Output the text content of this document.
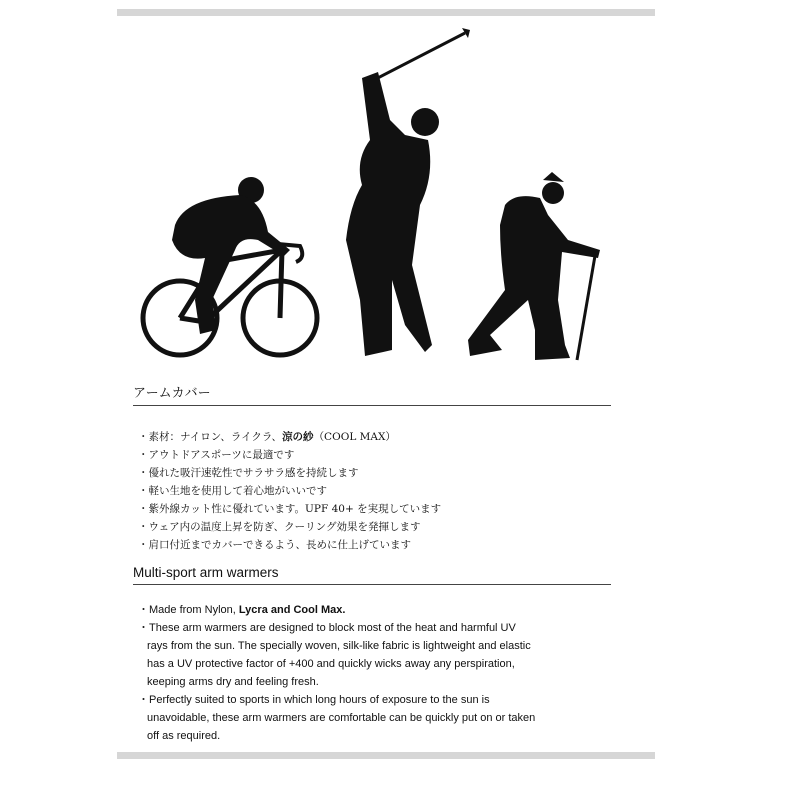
アームカバー
・素材：ナイロン、ライクラ、涼の紗（COOL MAX）
・アウトドアスポーツに最適です
・優れた吸汗速乾性でサラサラ感を持続します
・軽い生地を使用して着心地がいいです
・紫外線カット性に優れています。UPF 40+ を実現しています
・ウェア内の温度上昇を防ぎ、クーリング効果を発揮します
・肩口付近までカバーできるよう、長めに仕上げています
Multi-sport arm warmers
・Made from Nylon, Lycra and Cool Max.
・These arm warmers are designed to block most of the heat and harmful UV
rays from the sun. The specially woven, silk-like fabric is lightweight and elastic has a UV protective factor of +400 and quickly wicks away any perspiration, keeping arms dry and feeling fresh.
・Perfectly suited to sports in which long hours of exposure to the sun is
unavoidable, these arm warmers are comfortable can be quickly put on or taken off as required.
